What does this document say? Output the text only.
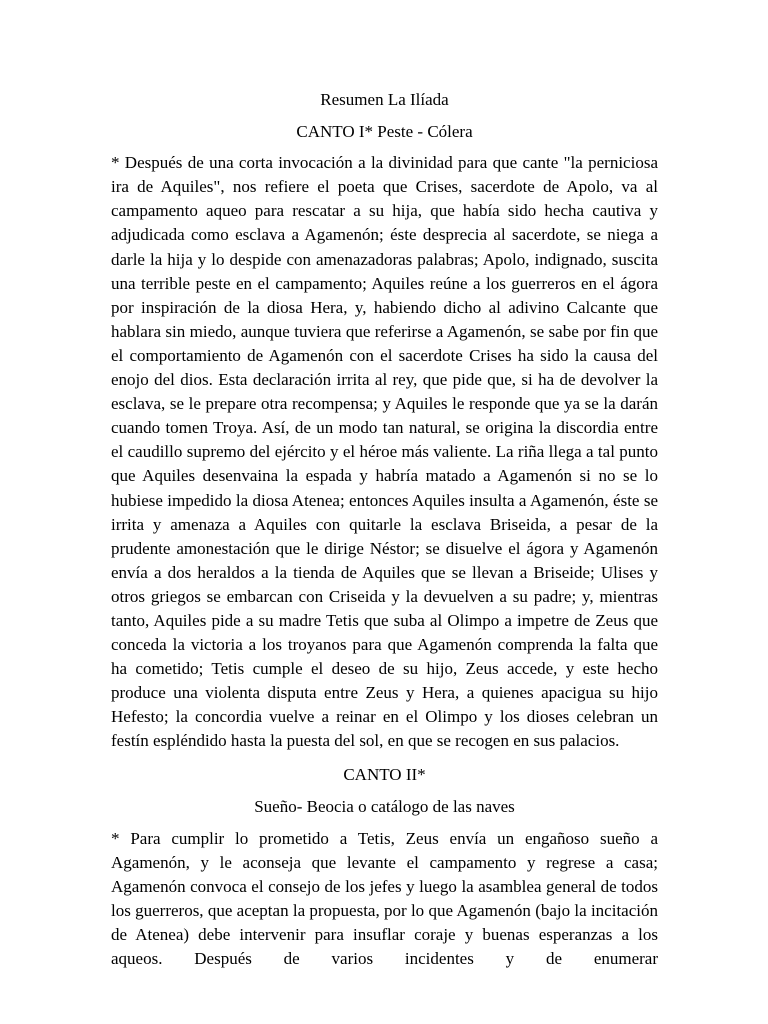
Resumen La Ilíada

CANTO I* Peste - Cólera

* Después de una corta invocación a la divinidad para que cante "la perniciosa ira de Aquiles", nos refiere el poeta que Crises, sacerdote de Apolo, va al campamento aqueo para rescatar a su hija, que había sido hecha cautiva y adjudicada como esclava a Agamenón; éste desprecia al sacerdote, se niega a darle la hija y lo despide con amenazadoras palabras; Apolo, indignado, suscita una terrible peste en el campamento; Aquiles reúne a los guerreros en el ágora por inspiración de la diosa Hera, y, habiendo dicho al adivino Calcante que hablara sin miedo, aunque tuviera que referirse a Agamenón, se sabe por fin que el comportamiento de Agamenón con el sacerdote Crises ha sido la causa del enojo del dios. Esta declaración irrita al rey, que pide que, si ha de devolver la esclava, se le prepare otra recompensa; y Aquiles le responde que ya se la darán cuando tomen Troya. Así, de un modo tan natural, se origina la discordia entre el caudillo supremo del ejército y el héroe más valiente. La riña llega a tal punto que Aquiles desenvaina la espada y habría matado a Agamenón si no se lo hubiese impedido la diosa Atenea; entonces Aquiles insulta a Agamenón, éste se irrita y amenaza a Aquiles con quitarle la esclava Briseida, a pesar de la prudente amonestación que le dirige Néstor; se disuelve el ágora y Agamenón envía a dos heraldos a la tienda de Aquiles que se llevan a Briseide; Ulises y otros griegos se embarcan con Criseida y la devuelven a su padre; y, mientras tanto, Aquiles pide a su madre Tetis que suba al Olimpo a impetre de Zeus que conceda la victoria a los troyanos para que Agamenón comprenda la falta que ha cometido; Tetis cumple el deseo de su hijo, Zeus accede, y este hecho produce una violenta disputa entre Zeus y Hera, a quienes apacigua su hijo Hefesto; la concordia vuelve a reinar en el Olimpo y los dioses celebran un festín espléndido hasta la puesta del sol, en que se recogen en sus palacios.

CANTO II*

Sueño- Beocia o catálogo de las naves

* Para cumplir lo prometido a Tetis, Zeus envía un engañoso sueño a Agamenón, y le aconseja que levante el campamento y regrese a casa; Agamenón convoca el consejo de los jefes y luego la asamblea general de todos los guerreros, que aceptan la propuesta, por lo que Agamenón (bajo la incitación de Atenea) debe intervenir para insuflar coraje y buenas esperanzas a los aqueos. Después de varios incidentes y de enumerar
